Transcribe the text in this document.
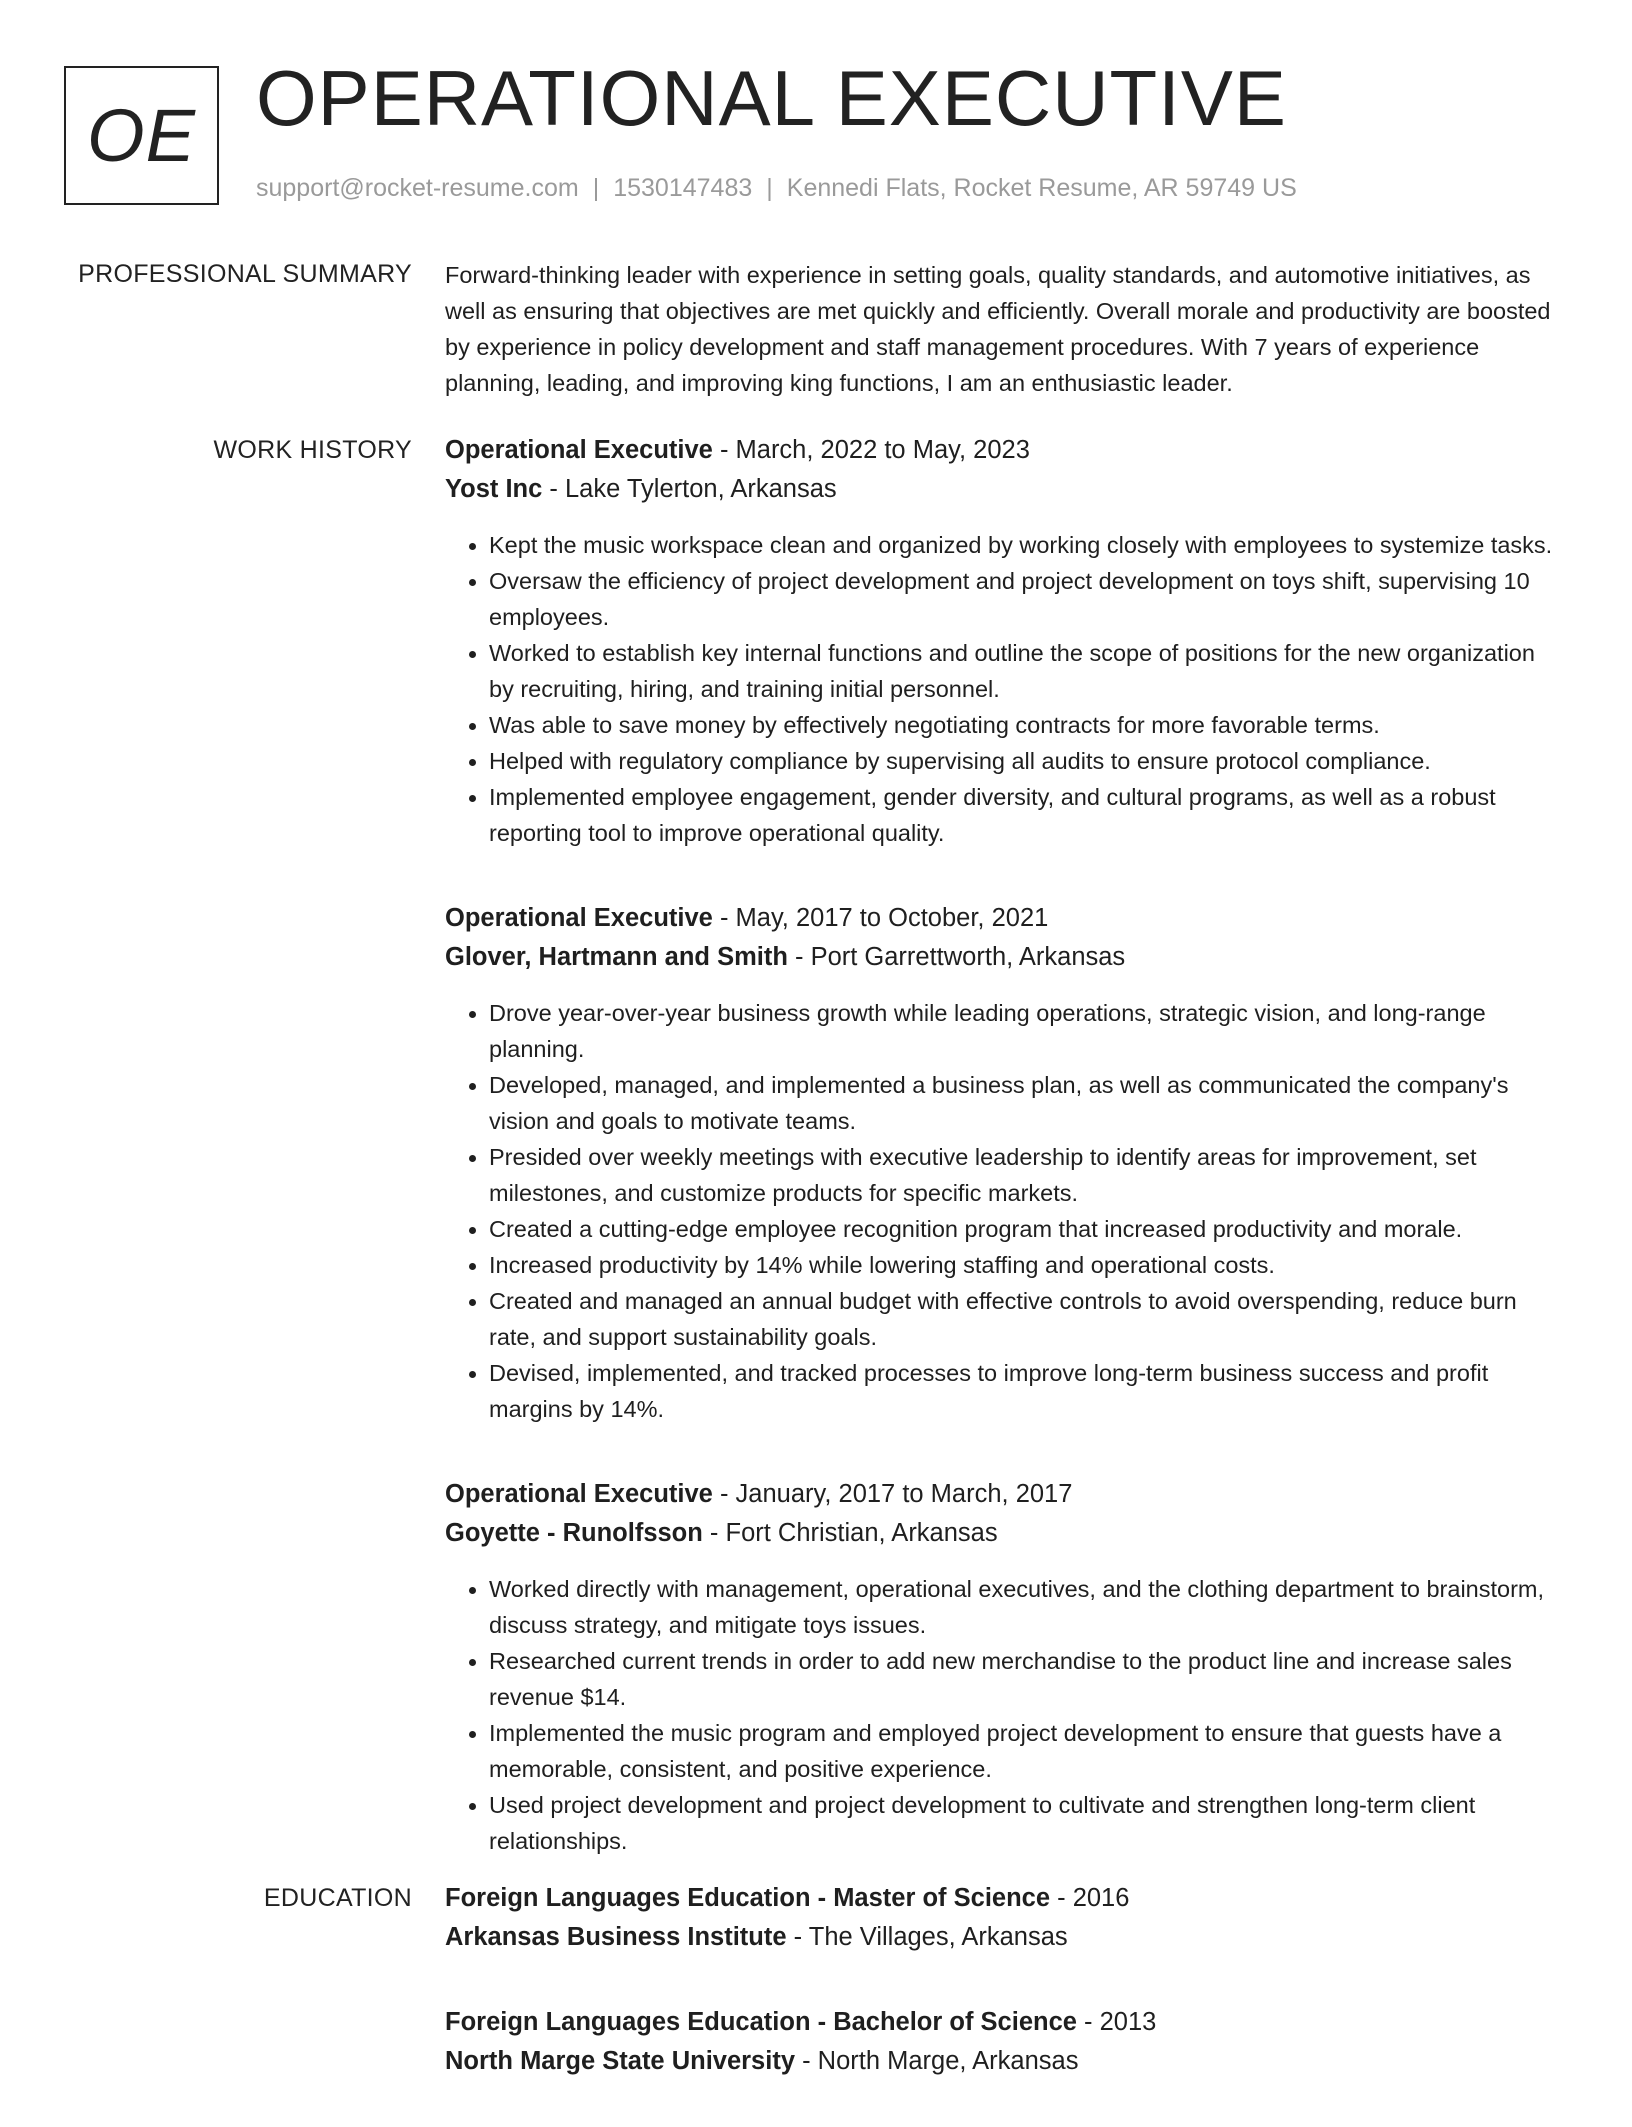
OE OPERATIONAL EXECUTIVE
support@rocket-resume.com | 1530147483 | Kennedi Flats, Rocket Resume, AR 59749 US
PROFESSIONAL SUMMARY Forward-thinking leader with experience in setting goals, quality standards, and automotive initiatives, as well as ensuring that objectives are met quickly and efficiently. Overall morale and productivity are boosted by experience in policy development and staff management procedures. With 7 years of experience planning, leading, and improving king functions, I am an enthusiastic leader.

WORK HISTORY Operational Executive - March, 2022 to May, 2023
Yost Inc - Lake Tylerton, Arkansas
• Kept the music workspace clean and organized by working closely with employees to systemize tasks.
• Oversaw the efficiency of project development and project development on toys shift, supervising 10 employees.
• Worked to establish key internal functions and outline the scope of positions for the new organization by recruiting, hiring, and training initial personnel.
• Was able to save money by effectively negotiating contracts for more favorable terms.
• Helped with regulatory compliance by supervising all audits to ensure protocol compliance.
• Implemented employee engagement, gender diversity, and cultural programs, as well as a robust reporting tool to improve operational quality.
Operational Executive - May, 2017 to October, 2021
Glover, Hartmann and Smith - Port Garrettworth, Arkansas
• Drove year-over-year business growth while leading operations, strategic vision, and long-range planning.
• Developed, managed, and implemented a business plan, as well as communicated the company's vision and goals to motivate teams.
• Presided over weekly meetings with executive leadership to identify areas for improvement, set milestones, and customize products for specific markets.
• Created a cutting-edge employee recognition program that increased productivity and morale.
• Increased productivity by 14% while lowering staffing and operational costs.
• Created and managed an annual budget with effective controls to avoid overspending, reduce burn rate, and support sustainability goals.
• Devised, implemented, and tracked processes to improve long-term business success and profit margins by 14%.
Operational Executive - January, 2017 to March, 2017
Goyette - Runolfsson - Fort Christian, Arkansas
• Worked directly with management, operational executives, and the clothing department to brainstorm, discuss strategy, and mitigate toys issues.
• Researched current trends in order to add new merchandise to the product line and increase sales revenue $14.
• Implemented the music program and employed project development to ensure that guests have a memorable, consistent, and positive experience.
• Used project development and project development to cultivate and strengthen long-term client relationships.
EDUCATION Foreign Languages Education - Master of Science - 2016
Arkansas Business Institute - The Villages, Arkansas
Foreign Languages Education - Bachelor of Science - 2013
North Marge State University - North Marge, Arkansas
